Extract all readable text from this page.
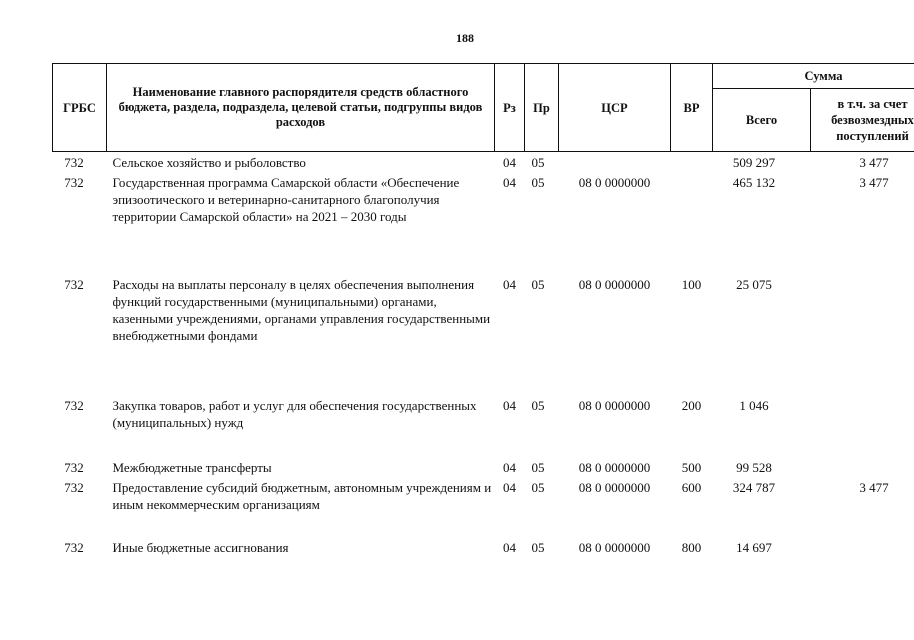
188
ГРБС	Наименование главного распорядителя средств областного бюджета, раздела, подраздела, целевой статьи, подгруппы видов расходов	Рз	Пр	ЦСР	ВР	Сумма	
						Всего	в т.ч. за счет безвозмездных поступлений
732	Сельское хозяйство и рыболовство	04	05			509 297	3 477
732	Государственная программа Самарской области «Обеспечение эпизоотического и ветеринарно-санитарного благополучия территории Самарской области» на 2021 – 2030 годы	04	05	08 0 0000000		465 132	3 477
732	Расходы на выплаты персоналу в целях обеспечения выполнения функций государственными (муниципальными) органами, казенными учреждениями, органами управления государственными внебюджетными фондами	04	05	08 0 0000000	100	25 075	
732	Закупка товаров, работ и услуг для обеспечения государственных (муниципальных) нужд	04	05	08 0 0000000	200	1 046	
732	Межбюджетные трансферты	04	05	08 0 0000000	500	99 528	
732	Предоставление субсидий бюджетным, автономным учреждениям и иным некоммерческим организациям	04	05	08 0 0000000	600	324 787	3 477
732	Иные бюджетные ассигнования	04	05	08 0 0000000	800	14 697	
